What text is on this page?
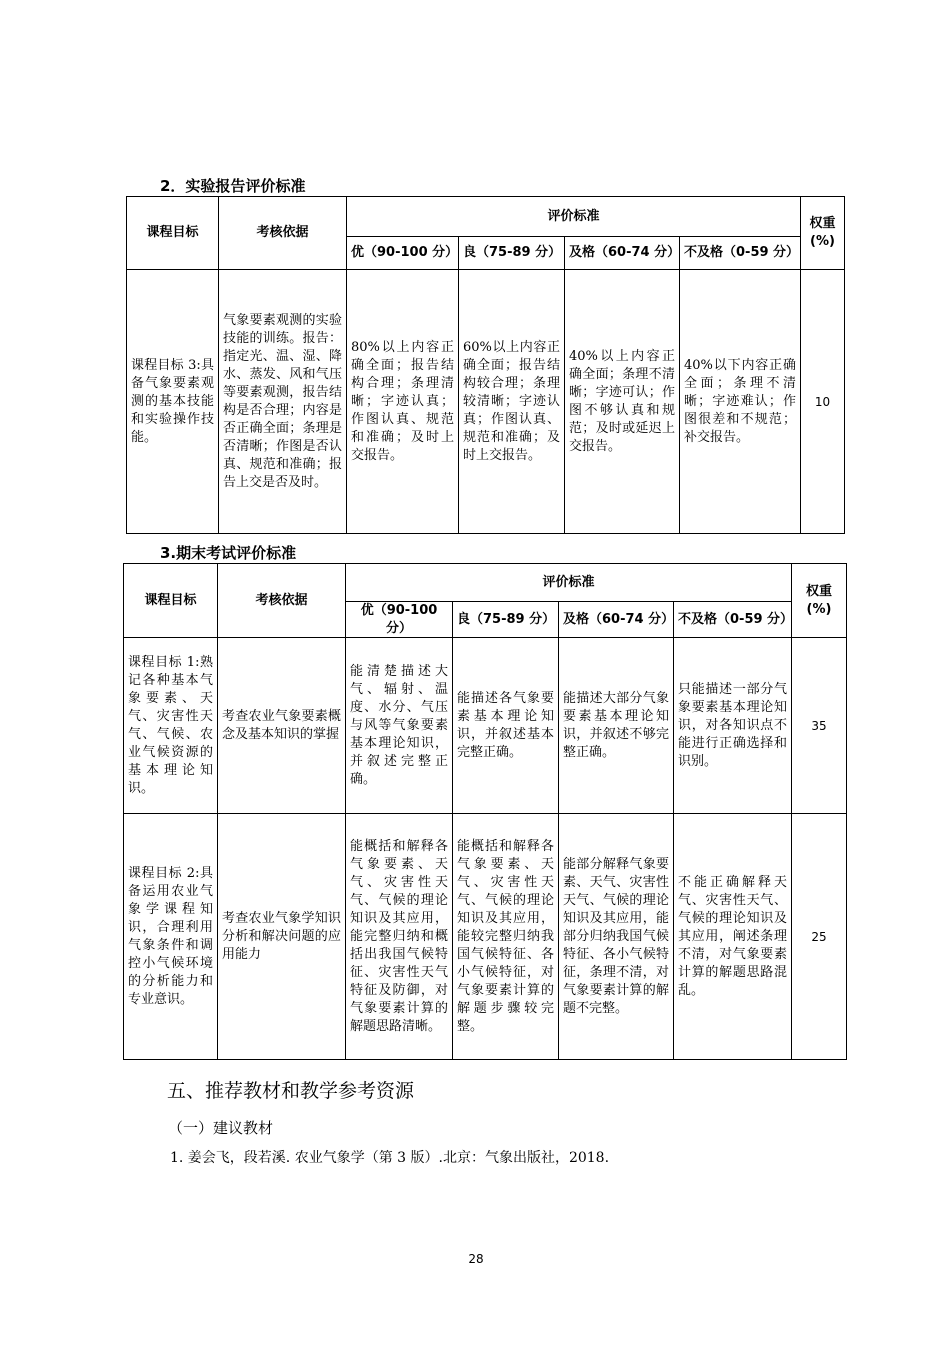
2．实验报告评价标准
课程目标	考核依据	评价标准				权重(%)
		优（90-100 分）	良（75-89 分）	及格（60-74 分）	不及格（0-59 分）	
课程目标 3:具备气象要素观测的基本技能和实验操作技能。	气象要素观测的实验技能的训练。报告：指定光、温、湿、降水、蒸发、风和气压等要素观测，报告结构是否合理；内容是否正确全面；条理是否清晰；作图是否认真、规范和准确；报告上交是否及时。	80%以上内容正确全面；报告结构合理；条理清晰；字迹认真；作图认真、规范和准确；及时上交报告。	60%以上内容正确全面；报告结构较合理；条理较清晰；字迹认真；作图认真、规范和准确；及时上交报告。	40%以上内容正确全面；条理不清晰；字迹可认；作图不够认真和规范；及时或延迟上交报告。	40%以下内容正确全面；条理不清晰；字迹难认；作图很差和不规范；补交报告。	10
3.期末考试评价标准
课程目标	考核依据	评价标准				权重(%)
		优（90-100 分）	良（75-89 分）	及格（60-74 分）	不及格（0-59 分）	
课程目标 1:熟记各种基本气象要素、天气、灾害性天气、气候、农业气候资源的基本理论知识。	考查农业气象要素概念及基本知识的掌握	能清楚描述大气、辐射、温度、水分、气压与风等气象要素基本理论知识，并叙述完整正确。	能描述各气象要素基本理论知识，并叙述基本完整正确。	能描述大部分气象要素基本理论知识，并叙述不够完整正确。	只能描述一部分气象要素基本理论知识，对各知识点不能进行正确选择和识别。	35
课程目标 2:具备运用农业气象学课程知识，合理利用气象条件和调控小气候环境的分析能力和专业意识。	考查农业气象学知识分析和解决问题的应用能力	能概括和解释各气象要素、天气、灾害性天气、气候的理论知识及其应用，能完整归纳和概括出我国气候特征、灾害性天气特征及防御，对气象要素计算的解题思路清晰。	能概括和解释各气象要素、天气、灾害性天气、气候的理论知识及其应用，能较完整归纳我国气候特征、各小气候特征，对气象要素计算的解题步骤较完整。	能部分解释气象要素、天气、灾害性天气、气候的理论知识及其应用，能部分归纳我国气候特征、各小气候特征，条理不清，对气象要素计算的解题不完整。	不能正确解释天气、灾害性天气、气候的理论知识及其应用，阐述条理不清，对气象要素计算的解题思路混乱。	25
五、推荐教材和教学参考资源
（一）建议教材
1. 姜会飞，段若溪. 农业气象学（第 3 版）.北京：气象出版社，2018.
28
